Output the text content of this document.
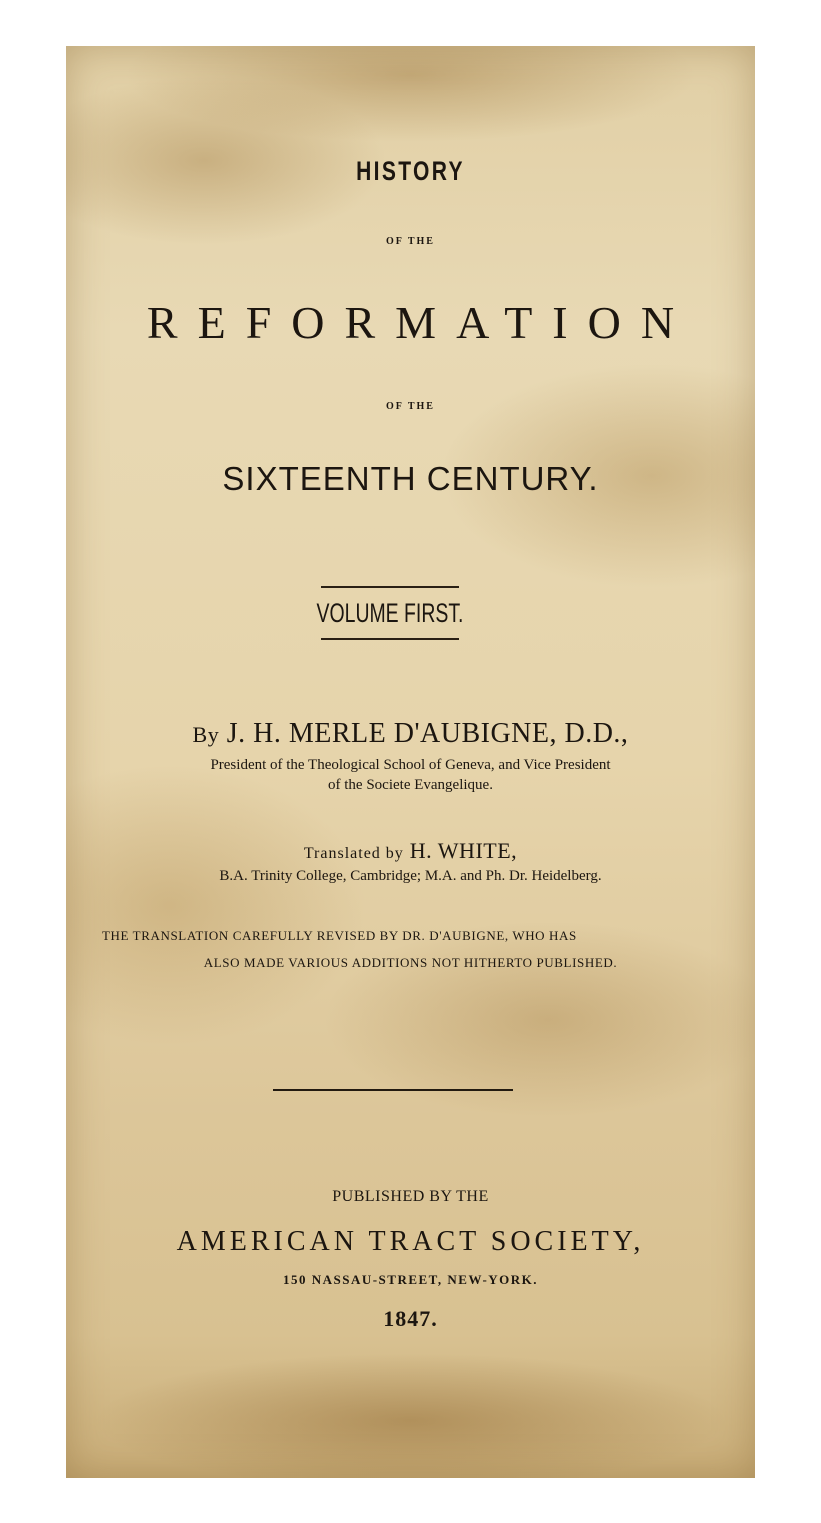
HISTORY
OF THE
REFORMATION
OF THE
SIXTEENTH CENTURY.
VOLUME FIRST.
By J. H. MERLE D'AUBIGNE, D.D.,
President of the Theological School of Geneva, and Vice President
of the Societe Evangelique.
Translated by H. WHITE,
B.A. Trinity College, Cambridge; M.A. and Ph. Dr. Heidelberg.
THE TRANSLATION CAREFULLY REVISED BY DR. D'AUBIGNE, WHO HAS
ALSO MADE VARIOUS ADDITIONS NOT HITHERTO PUBLISHED.
PUBLISHED BY THE
AMERICAN TRACT SOCIETY,
150 NASSAU-STREET, NEW-YORK.
1847.
